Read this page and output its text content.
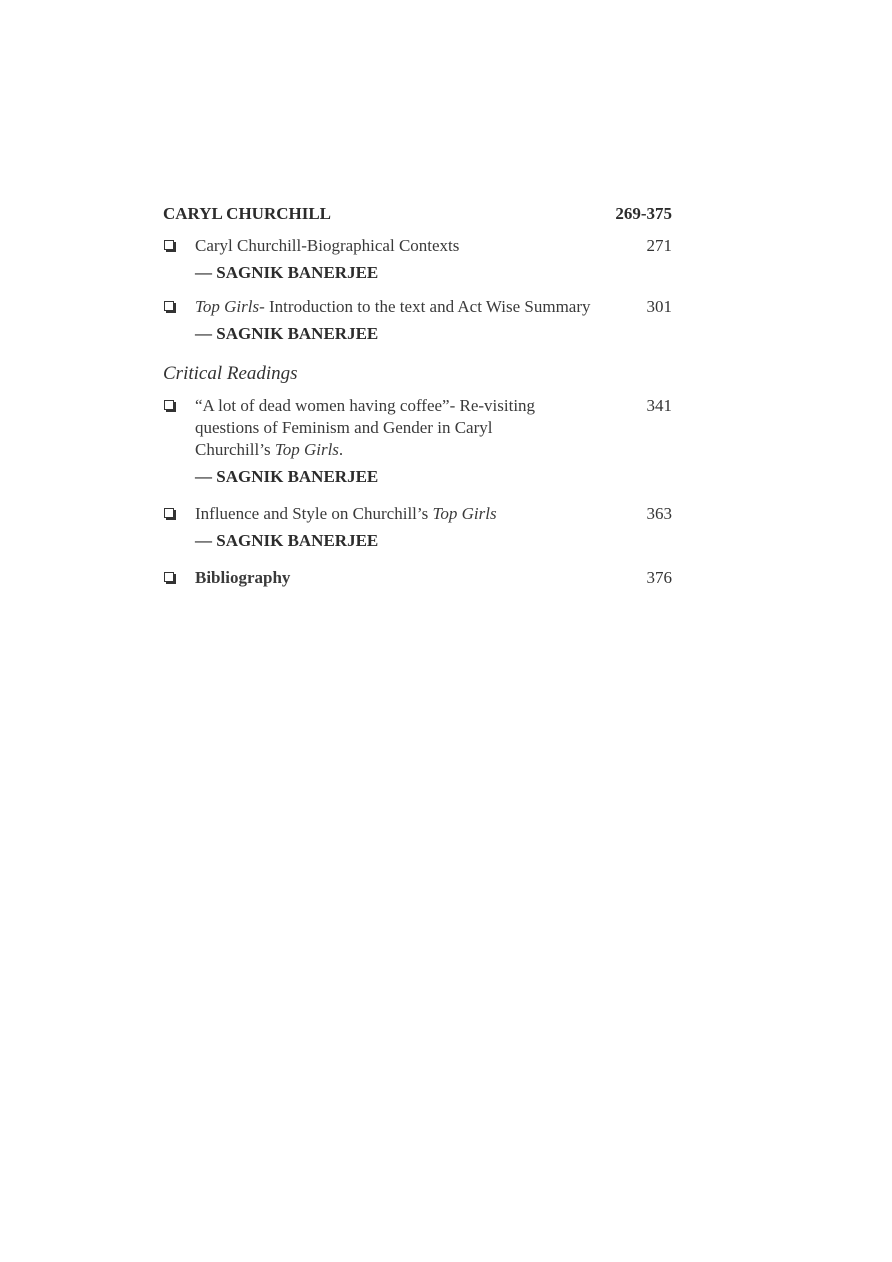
CARYL CHURCHILL	269-375
Caryl Churchill-Biographical Contexts
— SAGNIK BANERJEE
271
Top Girls- Introduction to the text and Act Wise Summary
— SAGNIK BANERJEE
301
Critical Readings
“A lot of dead women having coffee”- Re-visiting questions of Feminism and Gender in Caryl Churchill’s Top Girls.
— SAGNIK BANERJEE
341
Influence and Style on Churchill’s Top Girls
— SAGNIK BANERJEE
363
Bibliography	376
